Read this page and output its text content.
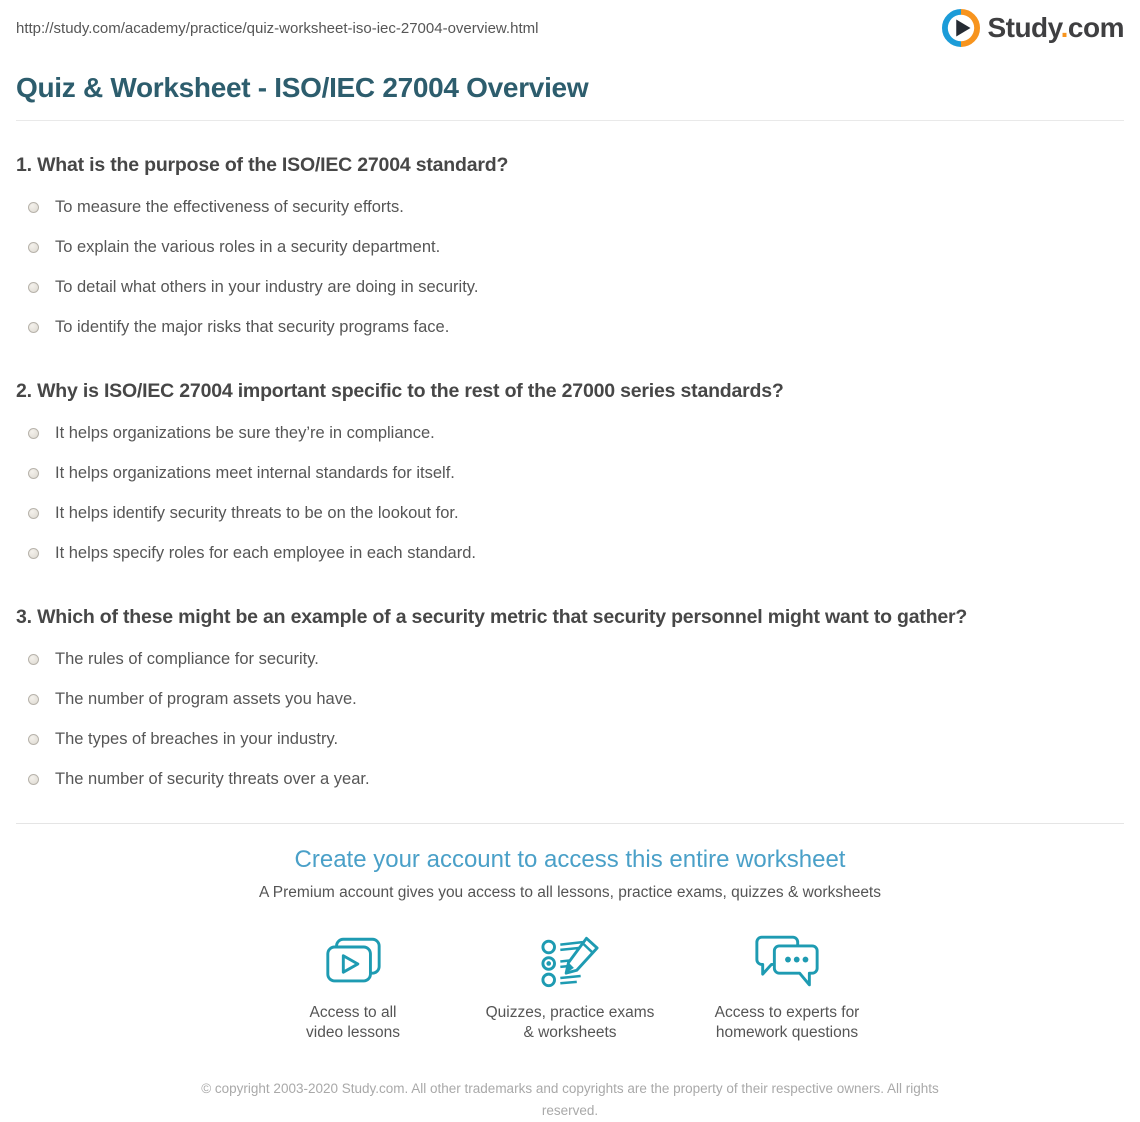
http://study.com/academy/practice/quiz-worksheet-iso-iec-27004-overview.html	Study.com
Quiz & Worksheet - ISO/IEC 27004 Overview
1. What is the purpose of the ISO/IEC 27004 standard?
To measure the effectiveness of security efforts.
To explain the various roles in a security department.
To detail what others in your industry are doing in security.
To identify the major risks that security programs face.
2. Why is ISO/IEC 27004 important specific to the rest of the 27000 series standards?
It helps organizations be sure they’re in compliance.
It helps organizations meet internal standards for itself.
It helps identify security threats to be on the lookout for.
It helps specify roles for each employee in each standard.
3. Which of these might be an example of a security metric that security personnel might want to gather?
The rules of compliance for security.
The number of program assets you have.
The types of breaches in your industry.
The number of security threats over a year.
Create your account to access this entire worksheet
A Premium account gives you access to all lessons, practice exams, quizzes & worksheets
Access to all
video lessons
Quizzes, practice exams
& worksheets
Access to experts for
homework questions
© copyright 2003-2020 Study.com. All other trademarks and copyrights are the property of their respective owners. All rights reserved.
